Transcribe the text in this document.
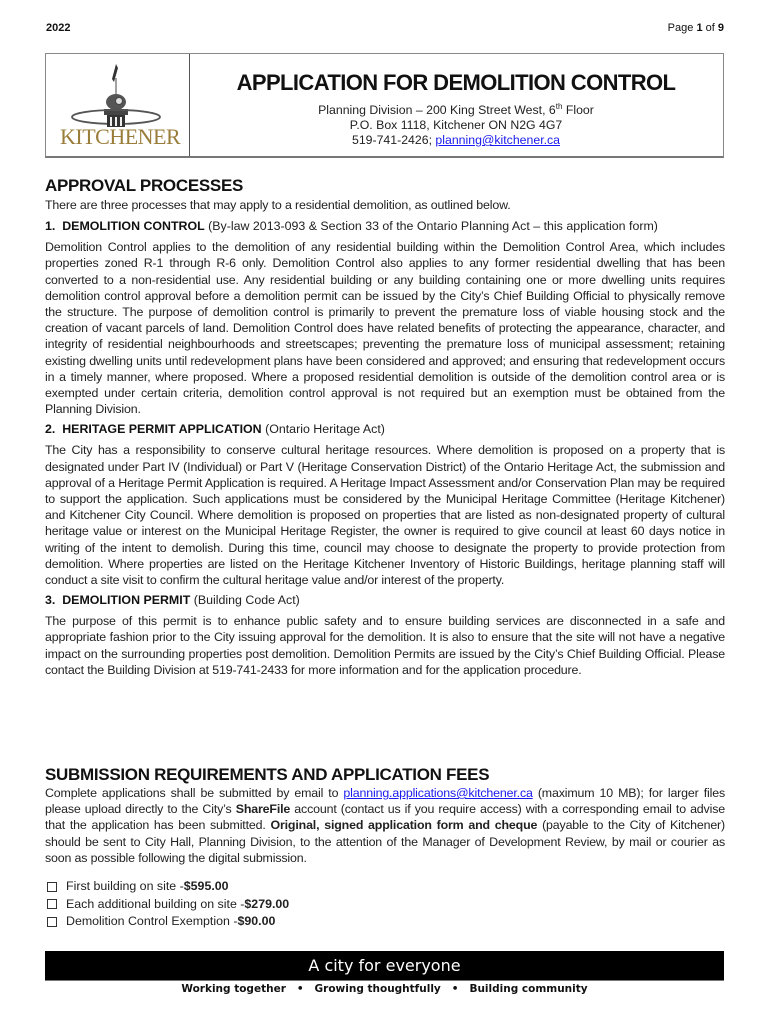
2022	Page 1 of 9
KITCHENER
APPLICATION FOR DEMOLITION CONTROL
Planning Division – 200 King Street West, 6th Floor
P.O. Box 1118, Kitchener ON N2G 4G7
519-741-2426; planning@kitchener.ca
APPROVAL PROCESSES

There are three processes that may apply to a residential demolition, as outlined below.

1. DEMOLITION CONTROL (By-law 2013-093 & Section 33 of the Ontario Planning Act – this application form)

Demolition Control applies to the demolition of any residential building within the Demolition Control Area, which includes properties zoned R-1 through R-6 only. Demolition Control also applies to any former residential dwelling that has been converted to a non-residential use. Any residential building or any building containing one or more dwelling units requires demolition control approval before a demolition permit can be issued by the City’s Chief Building Official to physically remove the structure. The purpose of demolition control is primarily to prevent the premature loss of viable housing stock and the creation of vacant parcels of land. Demolition Control does have related benefits of protecting the appearance, character, and integrity of residential neighbourhoods and streetscapes; preventing the premature loss of municipal assessment; retaining existing dwelling units until redevelopment plans have been considered and approved; and ensuring that redevelopment occurs in a timely manner, where proposed. Where a proposed residential demolition is outside of the demolition control area or is exempted under certain criteria, demolition control approval is not required but an exemption must be obtained from the Planning Division.

2. HERITAGE PERMIT APPLICATION (Ontario Heritage Act)

The City has a responsibility to conserve cultural heritage resources. Where demolition is proposed on a property that is designated under Part IV (Individual) or Part V (Heritage Conservation District) of the Ontario Heritage Act, the submission and approval of a Heritage Permit Application is required. A Heritage Impact Assessment and/or Conservation Plan may be required to support the application. Such applications must be considered by the Municipal Heritage Committee (Heritage Kitchener) and Kitchener City Council. Where demolition is proposed on properties that are listed as non-designated property of cultural heritage value or interest on the Municipal Heritage Register, the owner is required to give council at least 60 days notice in writing of the intent to demolish. During this time, council may choose to designate the property to provide protection from demolition. Where properties are listed on the Heritage Kitchener Inventory of Historic Buildings, heritage planning staff will conduct a site visit to confirm the cultural heritage value and/or interest of the property.

3. DEMOLITION PERMIT (Building Code Act)

The purpose of this permit is to enhance public safety and to ensure building services are disconnected in a safe and appropriate fashion prior to the City issuing approval for the demolition. It is also to ensure that the site will not have a negative impact on the surrounding properties post demolition. Demolition Permits are issued by the City’s Chief Building Official. Please contact the Building Division at 519-741-2433 for more information and for the application procedure.

SUBMISSION REQUIREMENTS AND APPLICATION FEES

Complete applications shall be submitted by email to planning.applications@kitchener.ca (maximum 10 MB); for larger files please upload directly to the City’s ShareFile account (contact us if you require access) with a corresponding email to advise that the application has been submitted. Original, signed application form and cheque (payable to the City of Kitchener) should be sent to City Hall, Planning Division, to the attention of the Manager of Development Review, by mail or courier as soon as possible following the digital submission.

First building on site - $595.00
Each additional building on site - $279.00
Demolition Control Exemption - $90.00
A city for everyone
Working together • Growing thoughtfully • Building community
